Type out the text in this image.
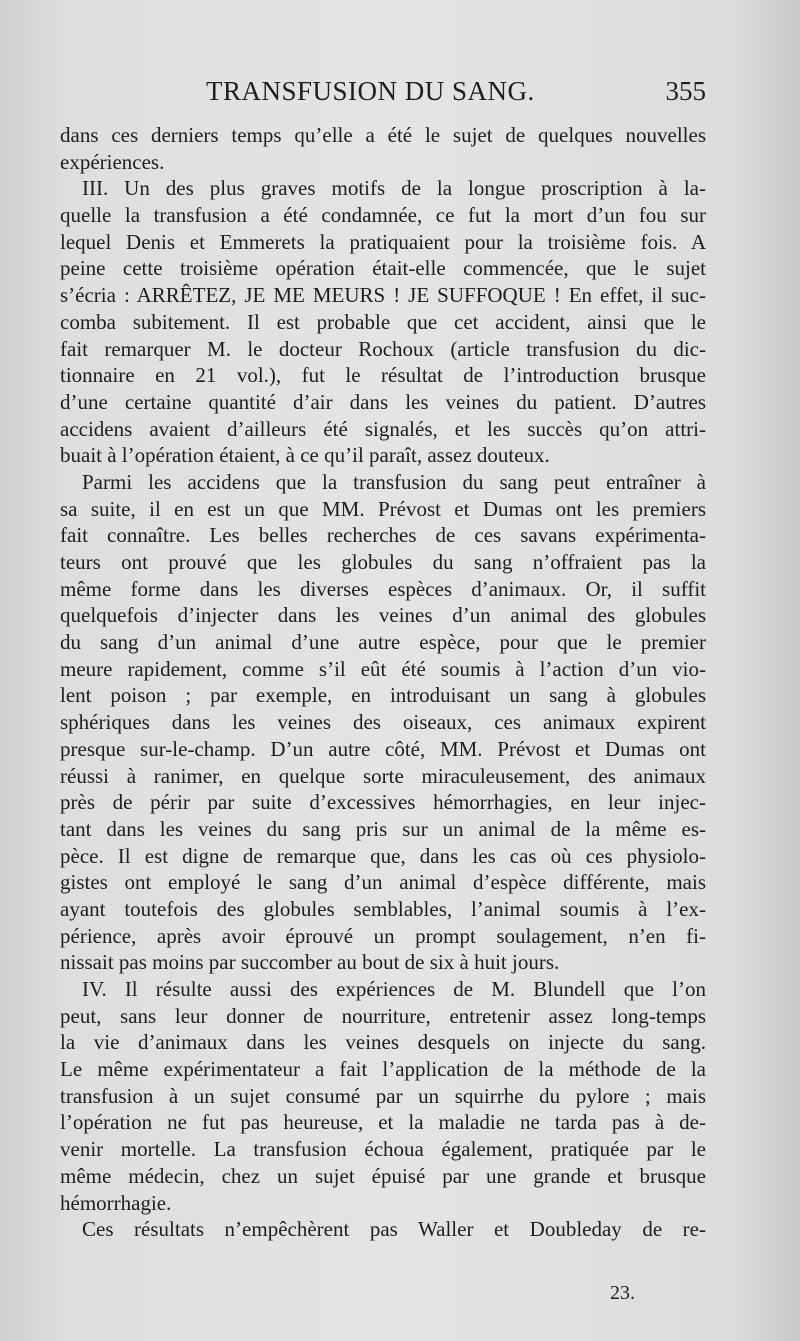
TRANSFUSION DU SANG.	355
dans ces derniers temps qu’elle a été le sujet de quelques nouvelles
expériences.
III. Un des plus graves motifs de la longue proscription à la-
quelle la transfusion a été condamnée, ce fut la mort d’un fou sur
lequel Denis et Emmerets la pratiquaient pour la troisième fois. A
peine cette troisième opération était-elle commencée, que le sujet
s’écria : ARRÊTEZ, JE ME MEURS ! JE SUFFOQUE ! En effet, il suc-
comba subitement. Il est probable que cet accident, ainsi que le
fait remarquer M. le docteur Rochoux (article transfusion du dic-
tionnaire en 21 vol.), fut le résultat de l’introduction brusque
d’une certaine quantité d’air dans les veines du patient. D’autres
accidens avaient d’ailleurs été signalés, et les succès qu’on attri-
buait à l’opération étaient, à ce qu’il paraît, assez douteux.
Parmi les accidens que la transfusion du sang peut entraîner à
sa suite, il en est un que MM. Prévost et Dumas ont les premiers
fait connaître. Les belles recherches de ces savans expérimenta-
teurs ont prouvé que les globules du sang n’offraient pas la
même forme dans les diverses espèces d’animaux. Or, il suffit
quelquefois d’injecter dans les veines d’un animal des globules
du sang d’un animal d’une autre espèce, pour que le premier
meure rapidement, comme s’il eût été soumis à l’action d’un vio-
lent poison ; par exemple, en introduisant un sang à globules
sphériques dans les veines des oiseaux, ces animaux expirent
presque sur-le-champ. D’un autre côté, MM. Prévost et Dumas ont
réussi à ranimer, en quelque sorte miraculeusement, des animaux
près de périr par suite d’excessives hémorrhagies, en leur injec-
tant dans les veines du sang pris sur un animal de la même es-
pèce. Il est digne de remarque que, dans les cas où ces physiolo-
gistes ont employé le sang d’un animal d’espèce différente, mais
ayant toutefois des globules semblables, l’animal soumis à l’ex-
périence, après avoir éprouvé un prompt soulagement, n’en fi-
nissait pas moins par succomber au bout de six à huit jours.
IV. Il résulte aussi des expériences de M. Blundell que l’on
peut, sans leur donner de nourriture, entretenir assez long-temps
la vie d’animaux dans les veines desquels on injecte du sang.
Le même expérimentateur a fait l’application de la méthode de la
transfusion à un sujet consumé par un squirrhe du pylore ; mais
l’opération ne fut pas heureuse, et la maladie ne tarda pas à de-
venir mortelle. La transfusion échoua également, pratiquée par le
même médecin, chez un sujet épuisé par une grande et brusque
hémorrhagie.
Ces résultats n’empêchèrent pas Waller et Doubleday de re-
23.
